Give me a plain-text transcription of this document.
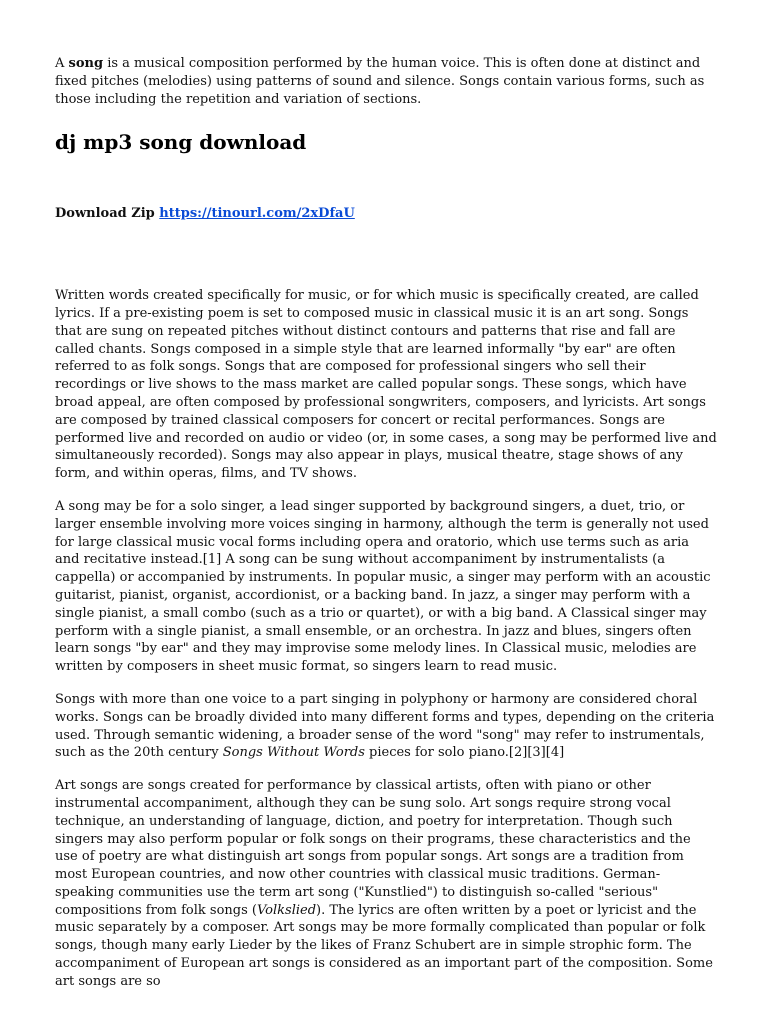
A song is a musical composition performed by the human voice. This is often done at distinct and fixed pitches (melodies) using patterns of sound and silence. Songs contain various forms, such as those including the repetition and variation of sections.

dj mp3 song download

Download Zip https://tinourl.com/2xDfaU

Written words created specifically for music, or for which music is specifically created, are called lyrics. If a pre-existing poem is set to composed music in classical music it is an art song. Songs that are sung on repeated pitches without distinct contours and patterns that rise and fall are called chants. Songs composed in a simple style that are learned informally "by ear" are often referred to as folk songs. Songs that are composed for professional singers who sell their recordings or live shows to the mass market are called popular songs. These songs, which have broad appeal, are often composed by professional songwriters, composers, and lyricists. Art songs are composed by trained classical composers for concert or recital performances. Songs are performed live and recorded on audio or video (or, in some cases, a song may be performed live and simultaneously recorded). Songs may also appear in plays, musical theatre, stage shows of any form, and within operas, films, and TV shows.

A song may be for a solo singer, a lead singer supported by background singers, a duet, trio, or larger ensemble involving more voices singing in harmony, although the term is generally not used for large classical music vocal forms including opera and oratorio, which use terms such as aria and recitative instead.[1] A song can be sung without accompaniment by instrumentalists (a cappella) or accompanied by instruments. In popular music, a singer may perform with an acoustic guitarist, pianist, organist, accordionist, or a backing band. In jazz, a singer may perform with a single pianist, a small combo (such as a trio or quartet), or with a big band. A Classical singer may perform with a single pianist, a small ensemble, or an orchestra. In jazz and blues, singers often learn songs "by ear" and they may improvise some melody lines. In Classical music, melodies are written by composers in sheet music format, so singers learn to read music.

Songs with more than one voice to a part singing in polyphony or harmony are considered choral works. Songs can be broadly divided into many different forms and types, depending on the criteria used. Through semantic widening, a broader sense of the word "song" may refer to instrumentals, such as the 20th century Songs Without Words pieces for solo piano.[2][3][4]

Art songs are songs created for performance by classical artists, often with piano or other instrumental accompaniment, although they can be sung solo. Art songs require strong vocal technique, an understanding of language, diction, and poetry for interpretation. Though such singers may also perform popular or folk songs on their programs, these characteristics and the use of poetry are what distinguish art songs from popular songs. Art songs are a tradition from most European countries, and now other countries with classical music traditions. German-speaking communities use the term art song ("Kunstlied") to distinguish so-called "serious" compositions from folk songs (Volkslied). The lyrics are often written by a poet or lyricist and the music separately by a composer. Art songs may be more formally complicated than popular or folk songs, though many early Lieder by the likes of Franz Schubert are in simple strophic form. The accompaniment of European art songs is considered as an important part of the composition. Some art songs are so
